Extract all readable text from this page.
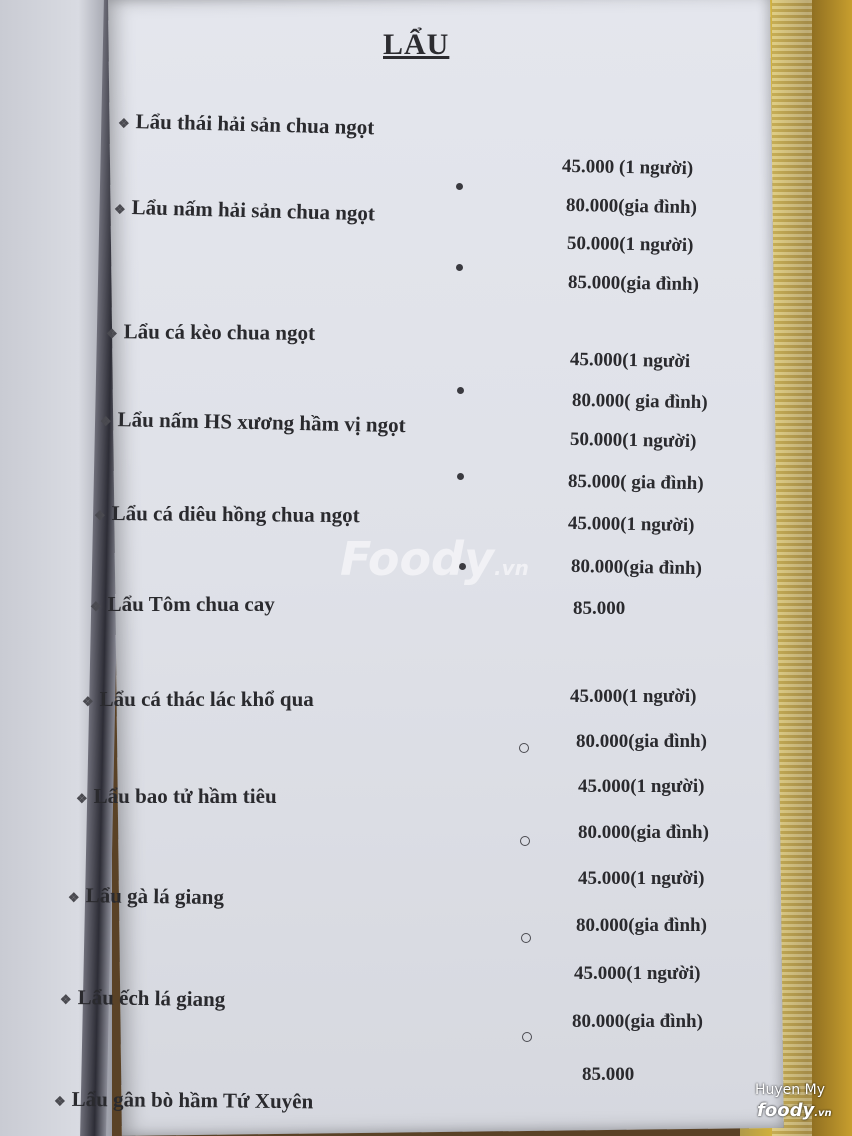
LẨU
❖ Lẩu thái hải sản chua ngọt
❖ Lẩu nấm hải sản chua ngọt
❖ Lẩu cá kèo chua ngọt
❖ Lẩu nấm HS xương hầm vị ngọt
❖ Lẩu cá diêu hồng chua ngọt
❖ Lẩu Tôm chua cay
❖ Lẩu cá thác lác khổ qua
❖ Lẩu bao tử hầm tiêu
❖ Lẩu gà lá giang
❖ Lẩu ếch lá giang
❖ Lẩu gân bò hầm Tứ Xuyên
45.000 (1 người)
80.000(gia đình)
50.000(1 người)
85.000(gia đình)
45.000(1 người
80.000( gia đình)
50.000(1 người)
85.000( gia đình)
45.000(1 người)
80.000(gia đình)
85.000
45.000(1 người)
80.000(gia đình)
45.000(1 người)
80.000(gia đình)
45.000(1 người)
80.000(gia đình)
45.000(1 người)
80.000(gia đình)
85.000
Foody.vn
Huyen My
foody.vn
